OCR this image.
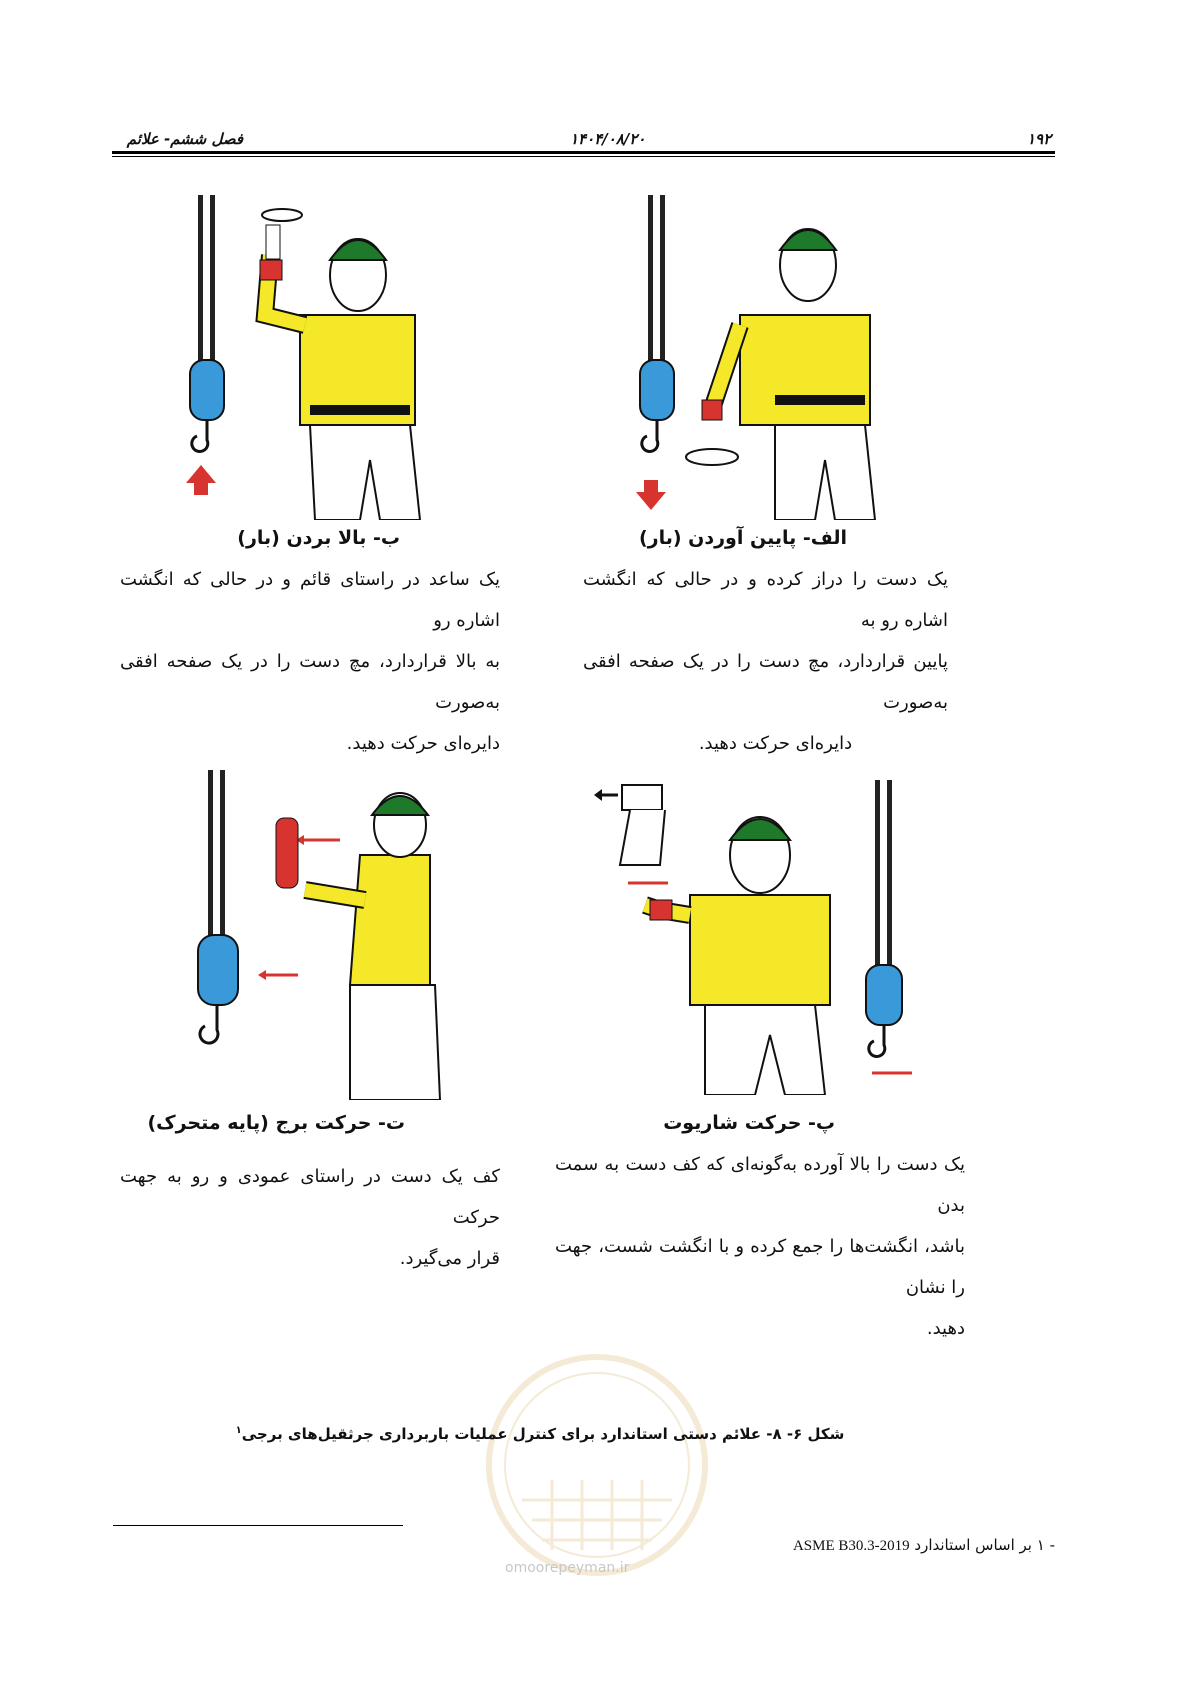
۱۹۲
۱۴۰۴/۰۸/۲۰
فصل ششم- علائم
الف- پایین آوردن (بار)
یک دست را دراز کرده و در حالی که انگشت اشاره رو به
پایین قراردارد، مچ دست را در یک صفحه افقی به‌صورت
دایره‌ای حرکت دهید.
ب- بالا بردن (بار)
یک ساعد در راستای قائم و در حالی که انگشت اشاره رو
به بالا قراردارد، مچ دست را در یک صفحه افقی به‌صورت
دایره‌ای حرکت دهید.
پ- حرکت شاریوت
یک دست را بالا آورده به‌گونه‌ای که کف دست به سمت بدن
باشد، انگشت‌ها را جمع کرده و با انگشت شست، جهت را نشان
دهید.
ت- حرکت برج (پایه متحرک)
کف یک دست در راستای عمودی و رو به جهت حرکت
قرار می‌گیرد.
omoorepeyman.ir
شکل ۶- ۸- علائم دستی استاندارد برای کنترل عملیات باربرداری جرثقیل‌های برجی$^۱$
- ۱ بر اساس استاندارد ASME B30.3-2019
